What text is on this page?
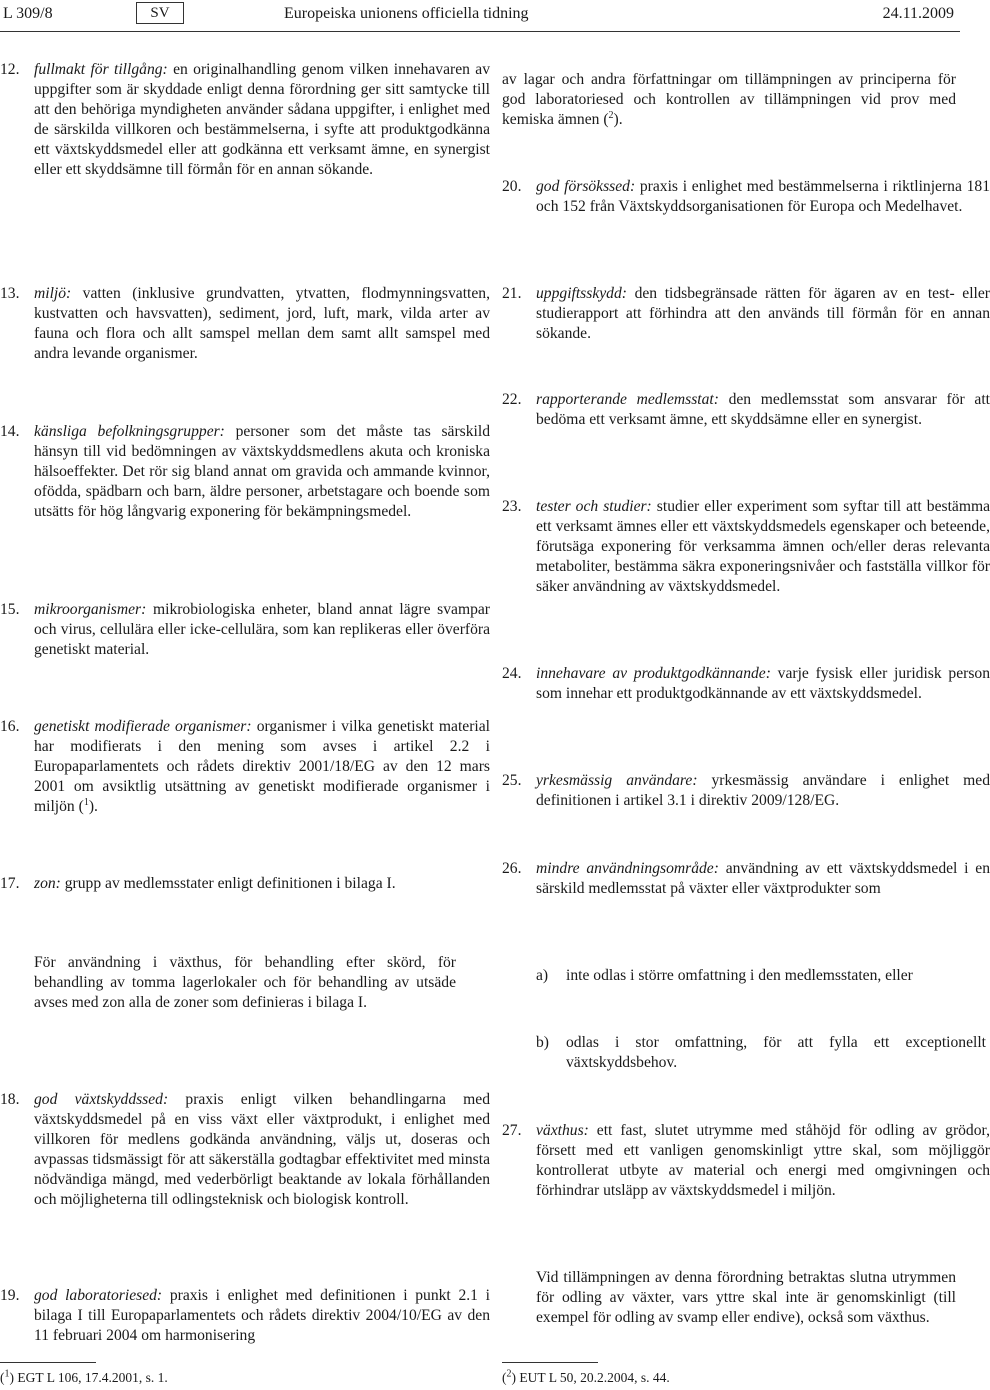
L 309/8	SV	Europeiska unionens officiella tidning	24.11.2009
12. fullmakt för tillgång: en originalhandling genom vilken innehavaren av uppgifter som är skyddade enligt denna förordning ger sitt samtycke till att den behöriga myndigheten använder sådana uppgifter, i enlighet med de särskilda villkoren och bestämmelserna, i syfte att produktgodkänna ett växtskyddsmedel eller att godkänna ett verksamt ämne, en synergist eller ett skyddsämne till förmån för en annan sökande.
13. miljö: vatten (inklusive grundvatten, ytvatten, flodmynningsvatten, kustvatten och havsvatten), sediment, jord, luft, mark, vilda arter av fauna och flora och allt samspel mellan dem samt allt samspel med andra levande organismer.
14. känsliga befolkningsgrupper: personer som det måste tas särskild hänsyn till vid bedömningen av växtskyddsmedlens akuta och kroniska hälsoeffekter. Det rör sig bland annat om gravida och ammande kvinnor, ofödda, spädbarn och barn, äldre personer, arbetstagare och boende som utsätts för hög långvarig exponering för bekämpningsmedel.
15. mikroorganismer: mikrobiologiska enheter, bland annat lägre svampar och virus, cellulära eller icke-cellulära, som kan replikeras eller överföra genetiskt material.
16. genetiskt modifierade organismer: organismer i vilka genetiskt material har modifierats i den mening som avses i artikel 2.2 i Europaparlamentets och rådets direktiv 2001/18/EG av den 12 mars 2001 om avsiktlig utsättning av genetiskt modifierade organismer i miljön ($^1$).
17. zon: grupp av medlemsstater enligt definitionen i bilaga I.
För användning i växthus, för behandling efter skörd, för behandling av tomma lagerlokaler och för behandling av utsäde avses med zon alla de zoner som definieras i bilaga I.
18. god växtskyddssed: praxis enligt vilken behandlingarna med växtskyddsmedel på en viss växt eller växtprodukt, i enlighet med villkoren för medlens godkända användning, väljs ut, doseras och avpassas tidsmässigt för att säkerställa godtagbar effektivitet med minsta nödvändiga mängd, med vederbörligt beaktande av lokala förhållanden och möjligheterna till odlingsteknisk och biologisk kontroll.
19. god laboratoriesed: praxis i enlighet med definitionen i punkt 2.1 i bilaga I till Europaparlamentets och rådets direktiv 2004/10/EG av den 11 februari 2004 om harmonisering
av lagar och andra författningar om tillämpningen av principerna för god laboratoriesed och kontrollen av tillämpningen vid prov med kemiska ämnen ($^2$).
20. god försökssed: praxis i enlighet med bestämmelserna i riktlinjerna 181 och 152 från Växtskyddsorganisationen för Europa och Medelhavet.
21. uppgiftsskydd: den tidsbegränsade rätten för ägaren av en test- eller studierapport att förhindra att den används till förmån för en annan sökande.
22. rapporterande medlemsstat: den medlemsstat som ansvarar för att bedöma ett verksamt ämne, ett skyddsämne eller en synergist.
23. tester och studier: studier eller experiment som syftar till att bestämma ett verksamt ämnes eller ett växtskyddsmedels egenskaper och beteende, förutsäga exponering för verksamma ämnen och/eller deras relevanta metaboliter, bestämma säkra exponeringsnivåer och fastställa villkor för säker användning av växtskyddsmedel.
24. innehavare av produktgodkännande: varje fysisk eller juridisk person som innehar ett produktgodkännande av ett växtskyddsmedel.
25. yrkesmässig användare: yrkesmässig användare i enlighet med definitionen i artikel 3.1 i direktiv 2009/128/EG.
26. mindre användningsområde: användning av ett växtskyddsmedel i en särskild medlemsstat på växter eller växtprodukter som
a) inte odlas i större omfattning i den medlemsstaten, eller
b) odlas i stor omfattning, för att fylla ett exceptionellt växtskyddsbehov.
27. växthus: ett fast, slutet utrymme med ståhöjd för odling av grödor, försett med ett vanligen genomskinligt yttre skal, som möjliggör kontrollerat utbyte av material och energi med omgivningen och förhindrar utsläpp av växtskyddsmedel i miljön.
Vid tillämpningen av denna förordning betraktas slutna utrymmen för odling av växter, vars yttre skal inte är genomskinligt (till exempel för odling av svamp eller endive), också som växthus.
($^1$) EGT L 106, 17.4.2001, s. 1.	($^2$) EUT L 50, 20.2.2004, s. 44.
